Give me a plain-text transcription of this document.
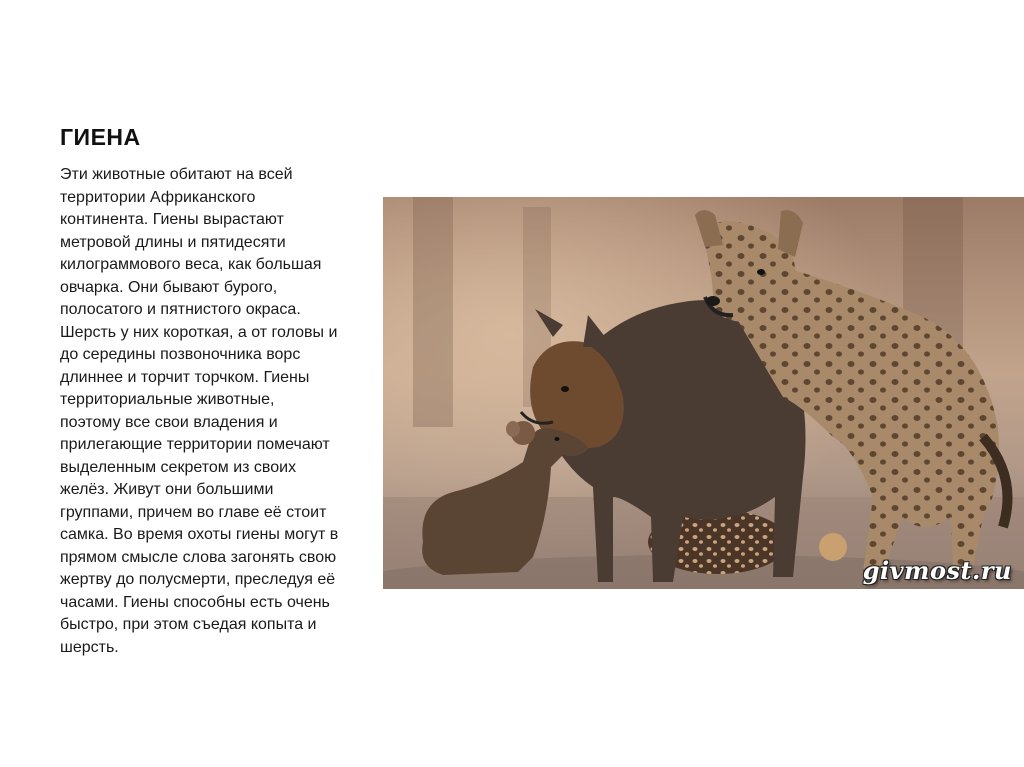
ГИЕНА
Эти животные обитают на всей
территории Африканского
континента. Гиены вырастают
метровой длины и пятидесяти
килограммового веса, как большая
овчарка. Они бывают бурого,
полосатого и пятнистого окраса.
Шерсть у них короткая, а от головы и
до середины позвоночника ворс
длиннее и торчит торчком. Гиены
территориальные животные,
поэтому все свои владения и
прилегающие территории помечают
выделенным секретом из своих
желёз. Живут они большими
группами, причем во главе её стоит
самка. Во время охоты гиены могут в
прямом смысле слова загонять свою
жертву до полусмерти, преследуя её
часами. Гиены способны есть очень
быстро, при этом съедая копыта и
шерсть.
givmost.ru
